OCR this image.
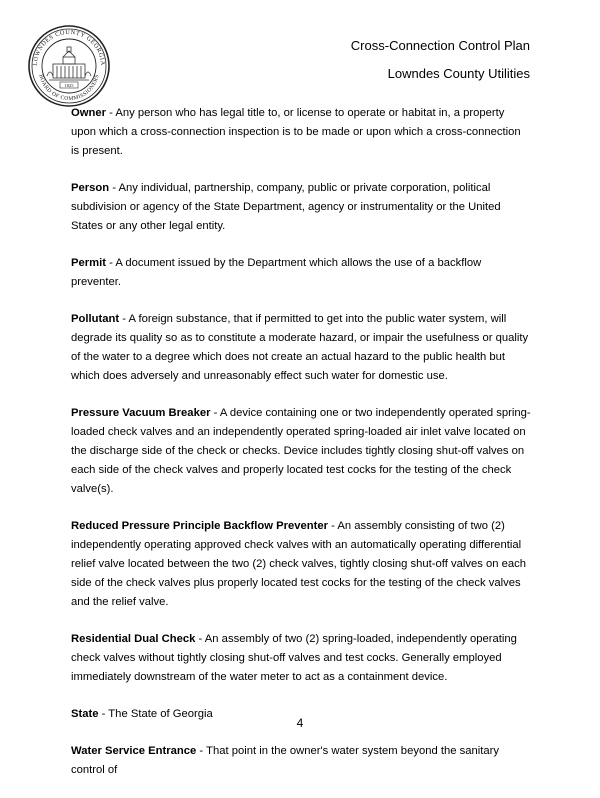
LOWNDES COUNTY GEORGIA
BOARD OF COMMISSIONERS
1825
Cross-Connection Control Plan
Lowndes County Utilities

Owner - Any person who has legal title to, or license to operate or habitat in, a property upon which a cross-connection inspection is to be made or upon which a cross-connection is present.

Person - Any individual, partnership, company, public or private corporation, political subdivision or agency of the State Department, agency or instrumentality or the United States or any other legal entity.

Permit - A document issued by the Department which allows the use of a backflow preventer.

Pollutant - A foreign substance, that if permitted to get into the public water system, will degrade its quality so as to constitute a moderate hazard, or impair the usefulness or quality of the water to a degree which does not create an actual hazard to the public health but which does adversely and unreasonably effect such water for domestic use.

Pressure Vacuum Breaker - A device containing one or two independently operated spring-loaded check valves and an independently operated spring-loaded air inlet valve located on the discharge side of the check or checks. Device includes tightly closing shut-off valves on each side of the check valves and properly located test cocks for the testing of the check valve(s).

Reduced Pressure Principle Backflow Preventer - An assembly consisting of two (2) independently operating approved check valves with an automatically operating differential relief valve located between the two (2) check valves, tightly closing shut-off valves on each side of the check valves plus properly located test cocks for the testing of the check valves and the relief valve.

Residential Dual Check - An assembly of two (2) spring-loaded, independently operating check valves without tightly closing shut-off valves and test cocks. Generally employed immediately downstream of the water meter to act as a containment device.

State - The State of Georgia

Water Service Entrance - That point in the owner's water system beyond the sanitary control of

4
